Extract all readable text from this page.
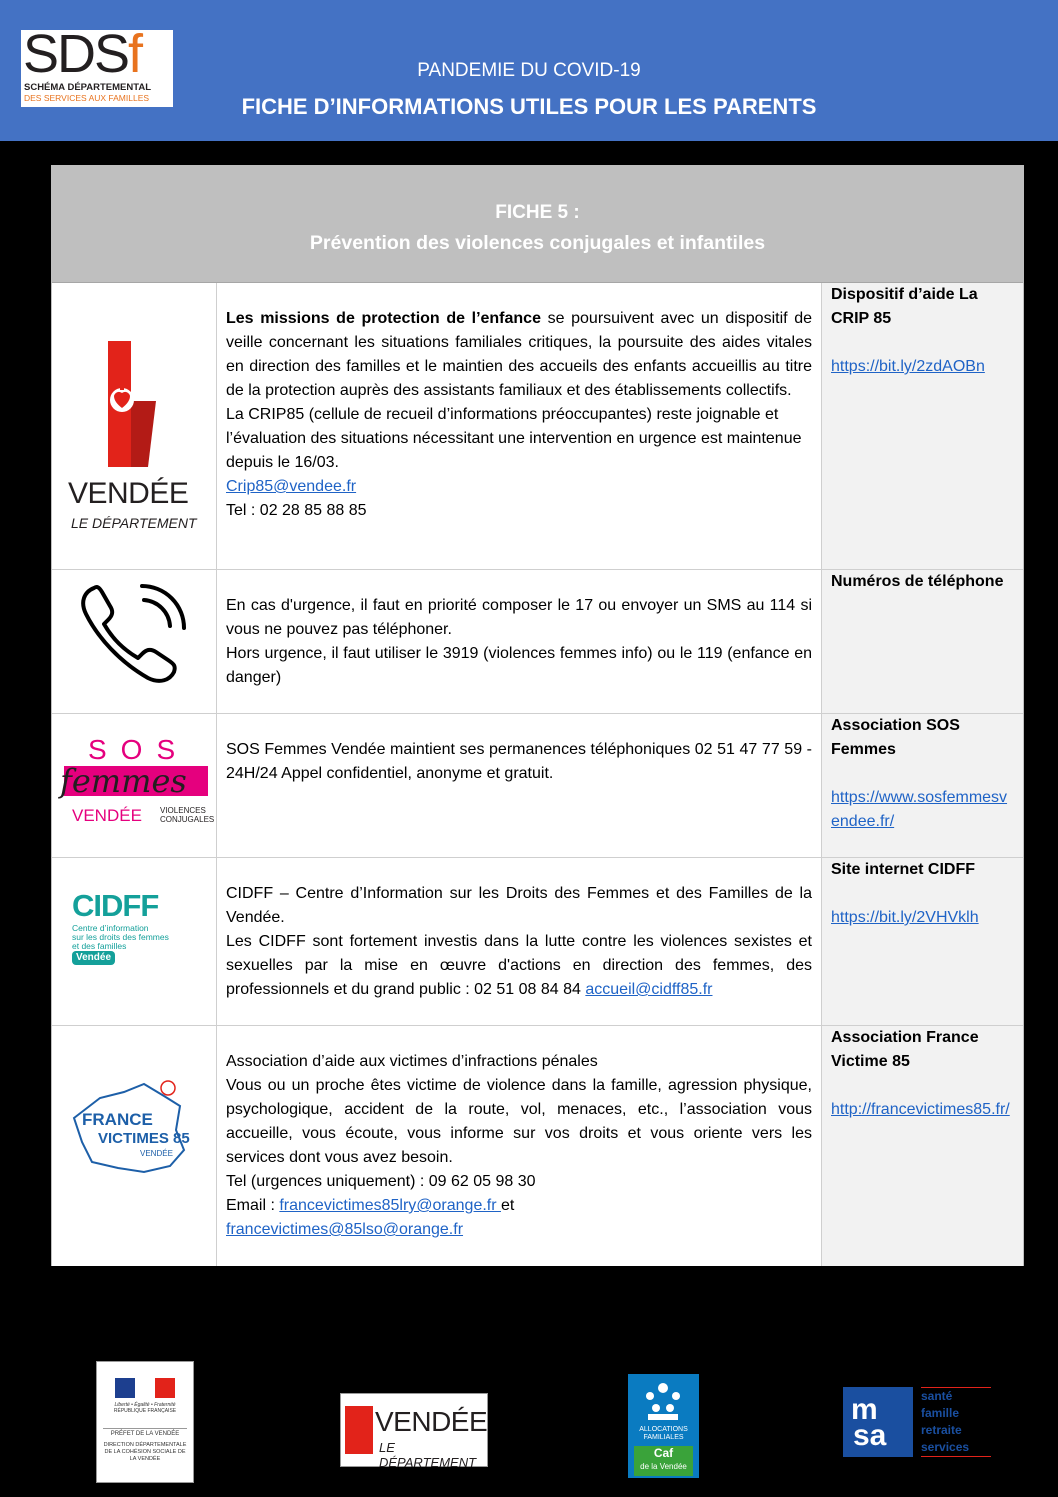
SDSf
SCHÉMA DÉPARTEMENTAL
DES SERVICES AUX FAMILLES
PANDEMIE DU COVID-19
FICHE D’INFORMATIONS UTILES POUR LES PARENTS
FICHE 5 :
Prévention des violences conjugales et infantiles
VENDÉE
LE DÉPARTEMENT
Les missions de protection de l’enfance se poursuivent avec un dispositif de veille concernant les situations familiales critiques, la poursuite des aides vitales en direction des familles et le maintien des accueils des enfants accueillis au titre de la protection auprès des assistants familiaux et des établissements collectifs.
La CRIP85 (cellule de recueil d’informations préoccupantes) reste joignable et l’évaluation des situations nécessitant une intervention en urgence est maintenue depuis le 16/03.
Crip85@vendee.fr
Tel : 02 28 85 88 85
Dispositif d’aide La CRIP 85
https://bit.ly/2zdAOBn
En cas d'urgence, il faut en priorité composer le 17 ou envoyer un SMS au 114 si vous ne pouvez pas téléphoner.
Hors urgence, il faut utiliser le 3919 (violences femmes info) ou le 119 (enfance en danger)
Numéros de téléphone
SOS
femmes
VENDÉE VIOLENCES
CONJUGALES
SOS Femmes Vendée maintient ses permanences téléphoniques 02 51 47 77 59 - 24H/24 Appel confidentiel, anonyme et gratuit.
Association SOS Femmes
https://www.sosfemmesvendee.fr/
CIDFF
Centre d’information
sur les droits des femmes
et des familles
Vendée
CIDFF – Centre d’Information sur les Droits des Femmes et des Familles de la Vendée.
Les CIDFF sont fortement investis dans la lutte contre les violences sexistes et sexuelles par la mise en œuvre d'actions en direction des femmes, des professionnels et du grand public : 02 51 08 84 84 accueil@cidff85.fr
Site internet CIDFF
https://bit.ly/2VHVklh
FRANCE
VICTIMES 85
VENDÉE
Association d’aide aux victimes d’infractions pénales
Vous ou un proche êtes victime de violence dans la famille, agression physique, psychologique, accident de la route, vol, menaces, etc., l’association vous accueille, vous écoute, vous informe sur vos droits et vous oriente vers les services dont vous avez besoin.
Tel (urgences uniquement) : 09 62 05 98 30
Email : francevictimes85lry@orange.fr et
francevictimes@85lso@orange.fr
Association France Victime 85
http://francevictimes85.fr/
Liberté • Égalité • Fraternité
RÉPUBLIQUE FRANÇAISE
PRÉFET DE LA VENDÉE
DIRECTION DÉPARTEMENTALE DE LA COHÉSION SOCIALE DE LA VENDÉE
VENDÉE
LE DÉPARTEMENT
ALLOCATIONS
FAMILIALES
Caf
de la Vendée
m
sa
santé
famille
retraite
services
